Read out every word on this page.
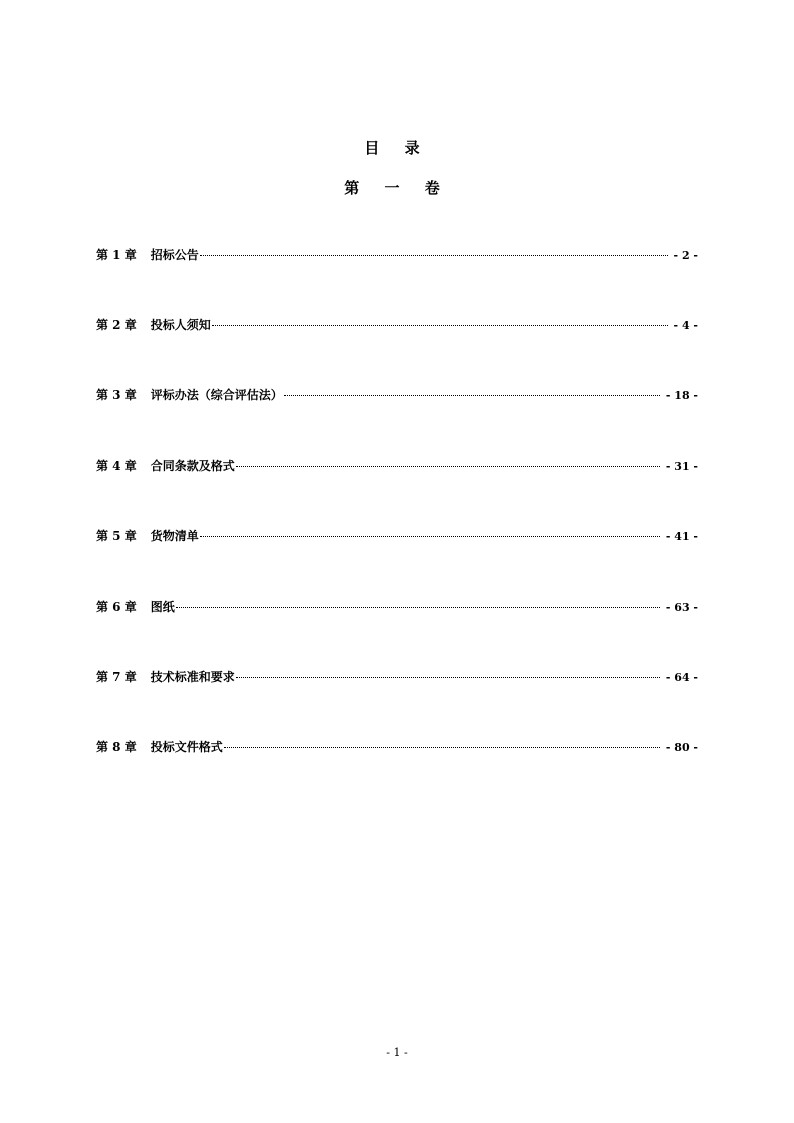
目 录
第 一 卷
第 1 章 招标公告	- 2 -
第 2 章 投标人须知	- 4 -
第 3 章 评标办法（综合评估法）	- 18 -
第 4 章 合同条款及格式	- 31 -
第 5 章 货物清单	- 41 -
第 6 章 图纸	- 63 -
第 7 章 技术标准和要求	- 64 -
第 8 章 投标文件格式	- 80 -
- 1 -
